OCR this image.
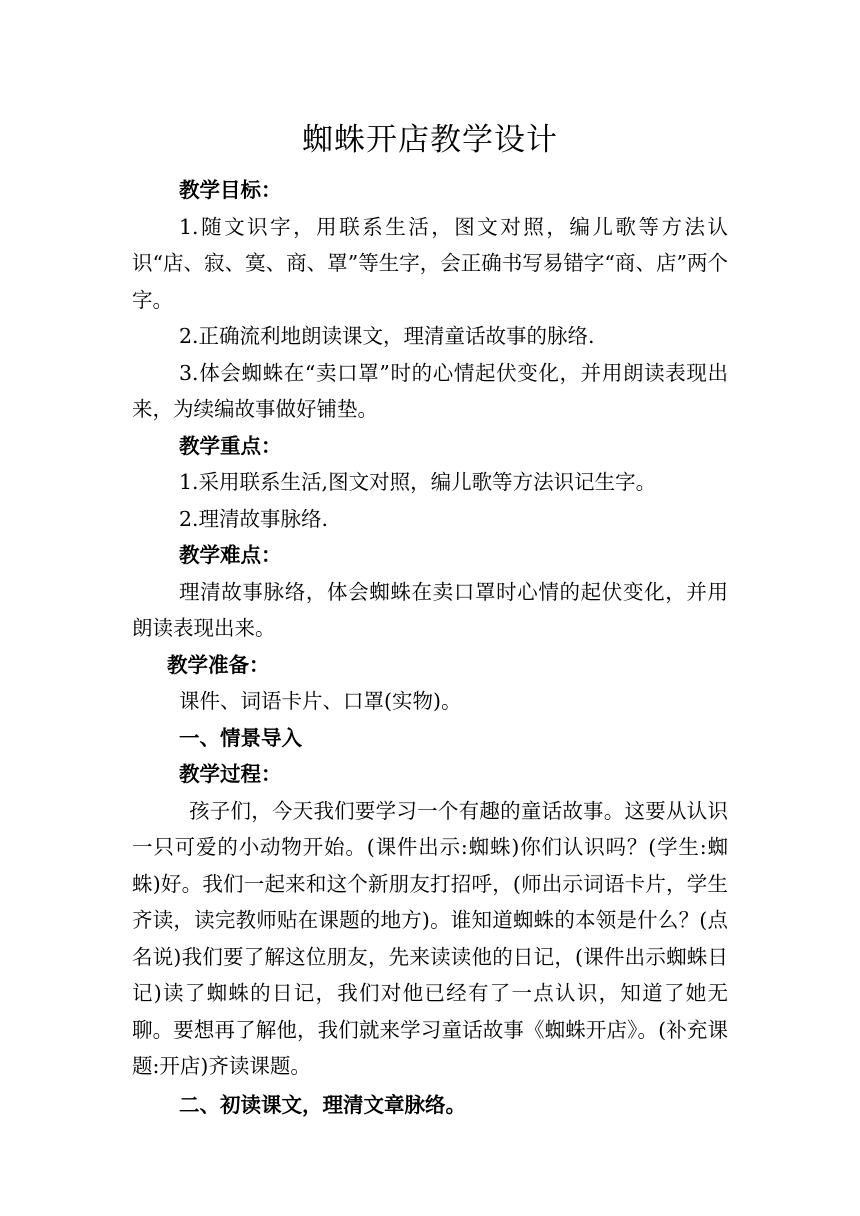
蜘蛛开店教学设计

教学目标：

1.随文识字，用联系生活，图文对照，编儿歌等方法认识“店、寂、寞、商、罩”等生字，会正确书写易错字“商、店”两个字。

2.正确流利地朗读课文，理清童话故事的脉络.

3.体会蜘蛛在“卖口罩”时的心情起伏变化，并用朗读表现出来，为续编故事做好铺垫。

教学重点：

1.采用联系生活,图文对照，编儿歌等方法识记生字。

2.理清故事脉络.

教学难点：

理清故事脉络，体会蜘蛛在卖口罩时心情的起伏变化，并用朗读表现出来。

教学准备：

课件、词语卡片、口罩(实物)。

一、情景导入

教学过程：

孩子们，今天我们要学习一个有趣的童话故事。这要从认识一只可爱的小动物开始。(课件出示:蜘蛛)你们认识吗？(学生:蜘蛛)好。我们一起来和这个新朋友打招呼，(师出示词语卡片，学生齐读，读完教师贴在课题的地方)。谁知道蜘蛛的本领是什么？(点名说)我们要了解这位朋友，先来读读他的日记，(课件出示蜘蛛日记)读了蜘蛛的日记，我们对他已经有了一点认识，知道了她无聊。要想再了解他，我们就来学习童话故事《蜘蛛开店》。(补充课题:开店)齐读课题。

二、初读课文，理清文章脉络。
